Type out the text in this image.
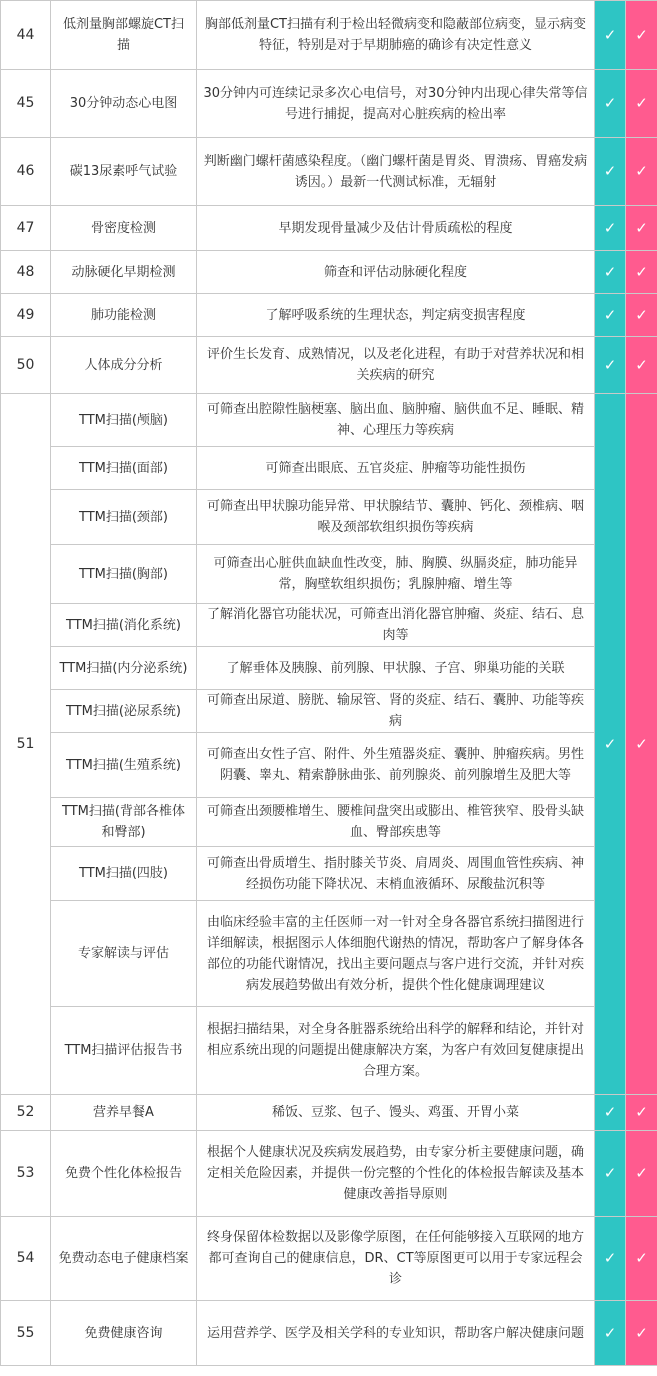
44	低剂量胸部螺旋CT扫描	胸部低剂量CT扫描有利于检出轻微病变和隐蔽部位病变，显示病变特征，特别是对于早期肺癌的确诊有决定性意义	✓	✓
45	30分钟动态心电图	30分钟内可连续记录多次心电信号，对30分钟内出现心律失常等信号进行捕捉，提高对心脏疾病的检出率	✓	✓
46	碳13尿素呼气试验	判断幽门螺杆菌感染程度。（幽门螺杆菌是胃炎、胃溃疡、胃癌发病诱因。）最新一代测试标准，无辐射	✓	✓
47	骨密度检测	早期发现骨量减少及估计骨质疏松的程度	✓	✓
48	动脉硬化早期检测	筛查和评估动脉硬化程度	✓	✓
49	肺功能检测	了解呼吸系统的生理状态，判定病变损害程度	✓	✓
50	人体成分分析	评价生长发育、成熟情况，以及老化进程，有助于对营养状况和相关疾病的研究	✓	✓
51	TTM扫描(颅脑)	可筛查出腔隙性脑梗塞、脑出血、脑肿瘤、脑供血不足、睡眠、精神、心理压力等疾病	✓	✓
	TTM扫描(面部)	可筛查出眼底、五官炎症、肿瘤等功能性损伤		
	TTM扫描(颈部)	可筛查出甲状腺功能异常、甲状腺结节、囊肿、钙化、颈椎病、咽喉及颈部软组织损伤等疾病		
	TTM扫描(胸部)	可筛查出心脏供血缺血性改变，肺、胸膜、纵膈炎症，肺功能异常，胸壁软组织损伤；乳腺肿瘤、增生等		
	TTM扫描(消化系统)	了解消化器官功能状况，可筛查出消化器官肿瘤、炎症、结石、息肉等		
	TTM扫描(内分泌系统)	了解垂体及胰腺、前列腺、甲状腺、子宫、卵巢功能的关联		
	TTM扫描(泌尿系统)	可筛查出尿道、膀胱、输尿管、肾的炎症、结石、囊肿、功能等疾病		
	TTM扫描(生殖系统)	可筛查出女性子宫、附件、外生殖器炎症、囊肿、肿瘤疾病。男性阴囊、睾丸、精索静脉曲张、前列腺炎、前列腺增生及肥大等		
	TTM扫描(背部各椎体和臀部)	可筛查出颈腰椎增生、腰椎间盘突出或膨出、椎管狭窄、股骨头缺血、臀部疾患等		
	TTM扫描(四肢)	可筛查出骨质增生、指肘膝关节炎、肩周炎、周围血管性疾病、神经损伤功能下降状况、末梢血液循环、尿酸盐沉积等		
	专家解读与评估	由临床经验丰富的主任医师一对一针对全身各器官系统扫描图进行详细解读，根据图示人体细胞代谢热的情况，帮助客户了解身体各部位的功能代谢情况，找出主要问题点与客户进行交流，并针对疾病发展趋势做出有效分析，提供个性化健康调理建议		
	TTM扫描评估报告书	根据扫描结果，对全身各脏器系统给出科学的解释和结论，并针对相应系统出现的问题提出健康解决方案，为客户有效回复健康提出合理方案。		
52	营养早餐A	稀饭、豆浆、包子、馒头、鸡蛋、开胃小菜	✓	✓
53	免费个性化体检报告	根据个人健康状况及疾病发展趋势，由专家分析主要健康问题，确定相关危险因素，并提供一份完整的个性化的体检报告解读及基本健康改善指导原则	✓	✓
54	免费动态电子健康档案	终身保留体检数据以及影像学原图，在任何能够接入互联网的地方都可查询自己的健康信息，DR、CT等原图更可以用于专家远程会诊	✓	✓
55	免费健康咨询	运用营养学、医学及相关学科的专业知识，帮助客户解决健康问题	✓	✓
